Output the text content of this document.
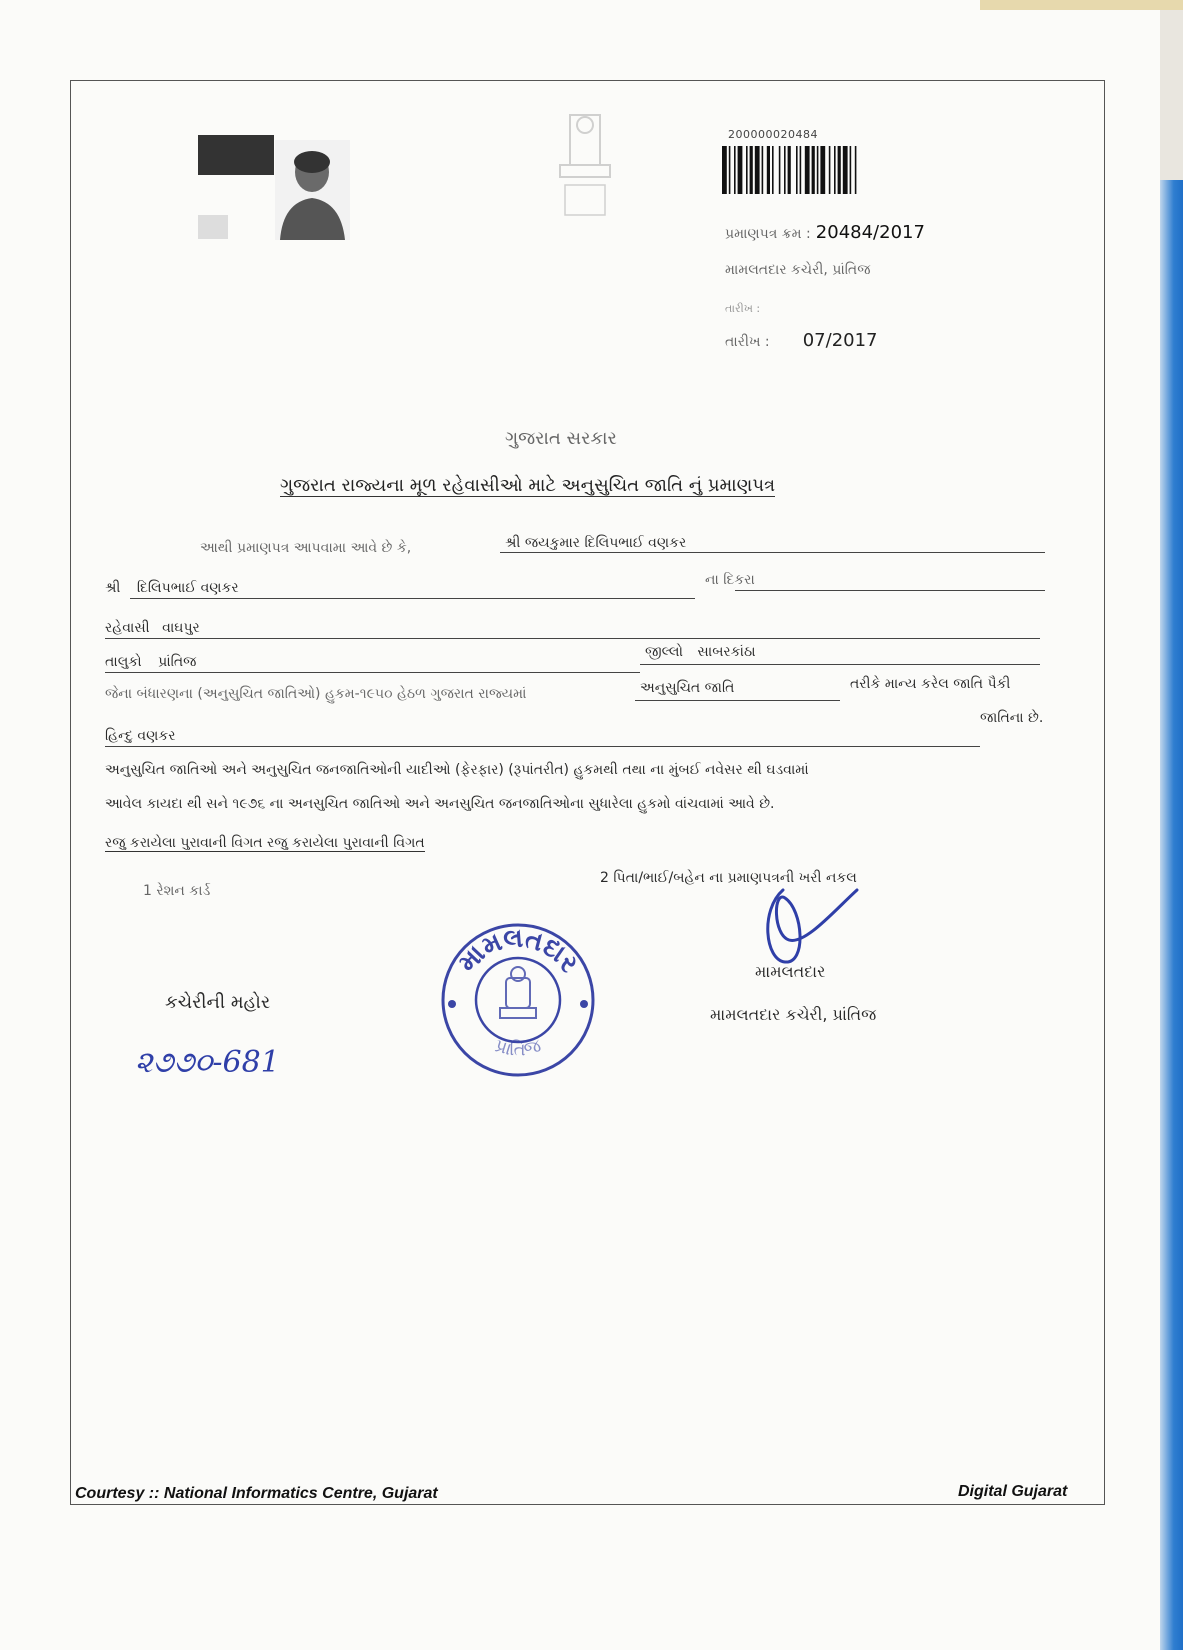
200000020484
પ્રમાણપત્ર ક્રમ : 20484/2017
મામલતદાર કચેરી, પ્રાંતિજ
તારીખ :
તારીખ : 07/2017
ગુજરાત સરકાર
ગુજરાત રાજ્યના મૂળ રહેવાસીઓ માટે અનુસુચિત જાતિ નું પ્રમાણપત્ર
આથી પ્રમાણપત્ર આપવામા આવે છે કે,	શ્રી જયકુમાર દિલિપભાઈ વણકર
શ્રી દિલિપભાઈ વણકર	ના દિકરા
રહેવાસી વાઘપુર
તાલુકો પ્રાંતિજ
જીલ્લો સાબરકાંઠા
જેના બંધારણના (અનુસુચિત જાતિઓ) હુકમ-૧૯૫૦ હેઠળ ગુજરાત રાજ્યમાં	અનુસુચિત જાતિ	તરીકે માન્ય કરેલ જાતિ પૈકી
જાતિના છે.
હિન્દુ વણકર
અનુસુચિત જાતિઓ અને અનુસુચિત જનજાતિઓની યાદીઓ (ફેરફાર) (રૂપાંતરીત) હુકમથી તથા ના મુંબઈ નવેસર થી ઘડવામાં
આવેલ કાયદા થી સને ૧૯૭૬ ના અનસુચિત જાતિઓ અને અનસુચિત જનજાતિઓના સુધારેલા હુકમો વાંચવામાં આવે છે.
રજુ કરાયેલા પુરાવાની વિગત રજુ કરાયેલા પુરાવાની વિગત
1 રેશન કાર્ડ
2 પિતા/ભાઈ/બહેન ના પ્રમાણપત્રની ખરી નકલ
મામલતદાર
મામલતદાર કચેરી, પ્રાંતિજ
મામલતદાર
પ્રાંતિજ
કચેરીની મહોર
૨૭૭૦-681
Courtesy :: National Informatics Centre, Gujarat	Digital Gujarat
